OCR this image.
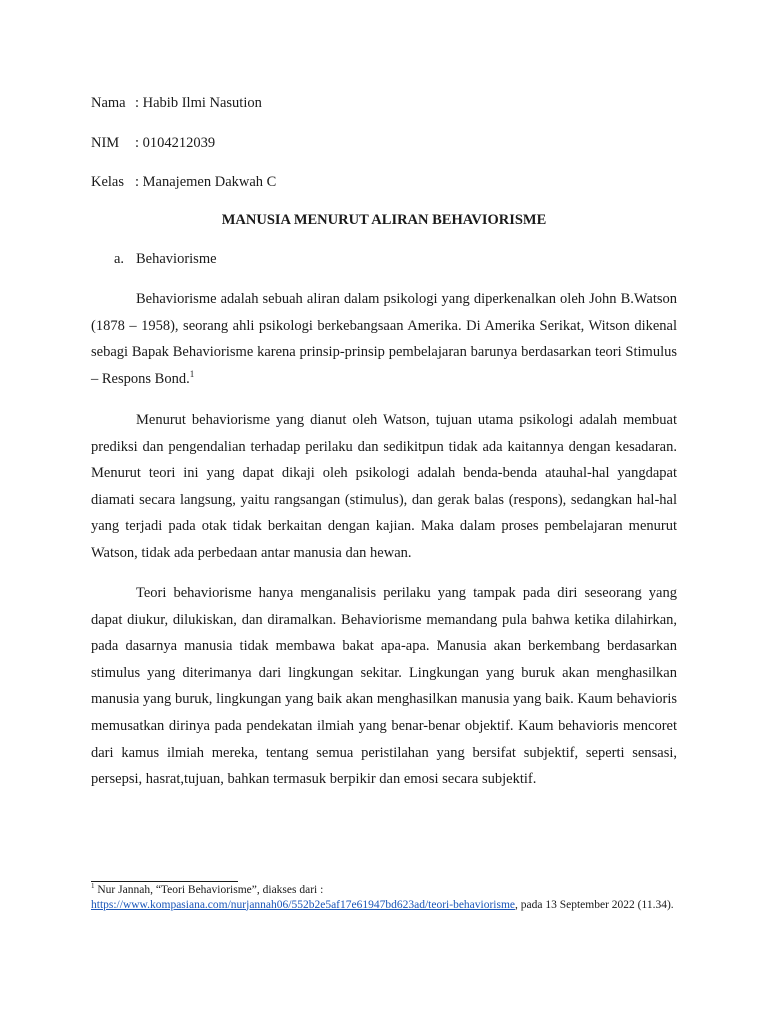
Nama : Habib Ilmi Nasution
NIM : 0104212039
Kelas : Manajemen Dakwah C
MANUSIA MENURUT ALIRAN BEHAVIORISME
a. Behaviorisme

Behaviorisme adalah sebuah aliran dalam psikologi yang diperkenalkan oleh John B.Watson (1878 – 1958), seorang ahli psikologi berkebangsaan Amerika. Di Amerika Serikat, Witson dikenal sebagi Bapak Behaviorisme karena prinsip-prinsip pembelajaran barunya berdasarkan teori Stimulus – Respons Bond.$^1$

Menurut behaviorisme yang dianut oleh Watson, tujuan utama psikologi adalah membuat prediksi dan pengendalian terhadap perilaku dan sedikitpun tidak ada kaitannya dengan kesadaran. Menurut teori ini yang dapat dikaji oleh psikologi adalah benda-benda atauhal-hal yangdapat diamati secara langsung, yaitu rangsangan (stimulus), dan gerak balas (respons), sedangkan hal-hal yang terjadi pada otak tidak berkaitan dengan kajian. Maka dalam proses pembelajaran menurut Watson, tidak ada perbedaan antar manusia dan hewan.

Teori behaviorisme hanya menganalisis perilaku yang tampak pada diri seseorang yang dapat diukur, dilukiskan, dan diramalkan. Behaviorisme memandang pula bahwa ketika dilahirkan, pada dasarnya manusia tidak membawa bakat apa-apa. Manusia akan berkembang berdasarkan stimulus yang diterimanya dari lingkungan sekitar. Lingkungan yang buruk akan menghasilkan manusia yang buruk, lingkungan yang baik akan menghasilkan manusia yang baik. Kaum behavioris memusatkan dirinya pada pendekatan ilmiah yang benar-benar objektif. Kaum behavioris mencoret dari kamus ilmiah mereka, tentang semua peristilahan yang bersifat subjektif, seperti sensasi, persepsi, hasrat,tujuan, bahkan termasuk berpikir dan emosi secara subjektif.

$^1$ Nur Jannah, “Teori Behaviorisme”, diakses dari :
https://www.kompasiana.com/nurjannah06/552b2e5af17e61947bd623ad/teori-behaviorisme, pada 13 September 2022 (11.34).
